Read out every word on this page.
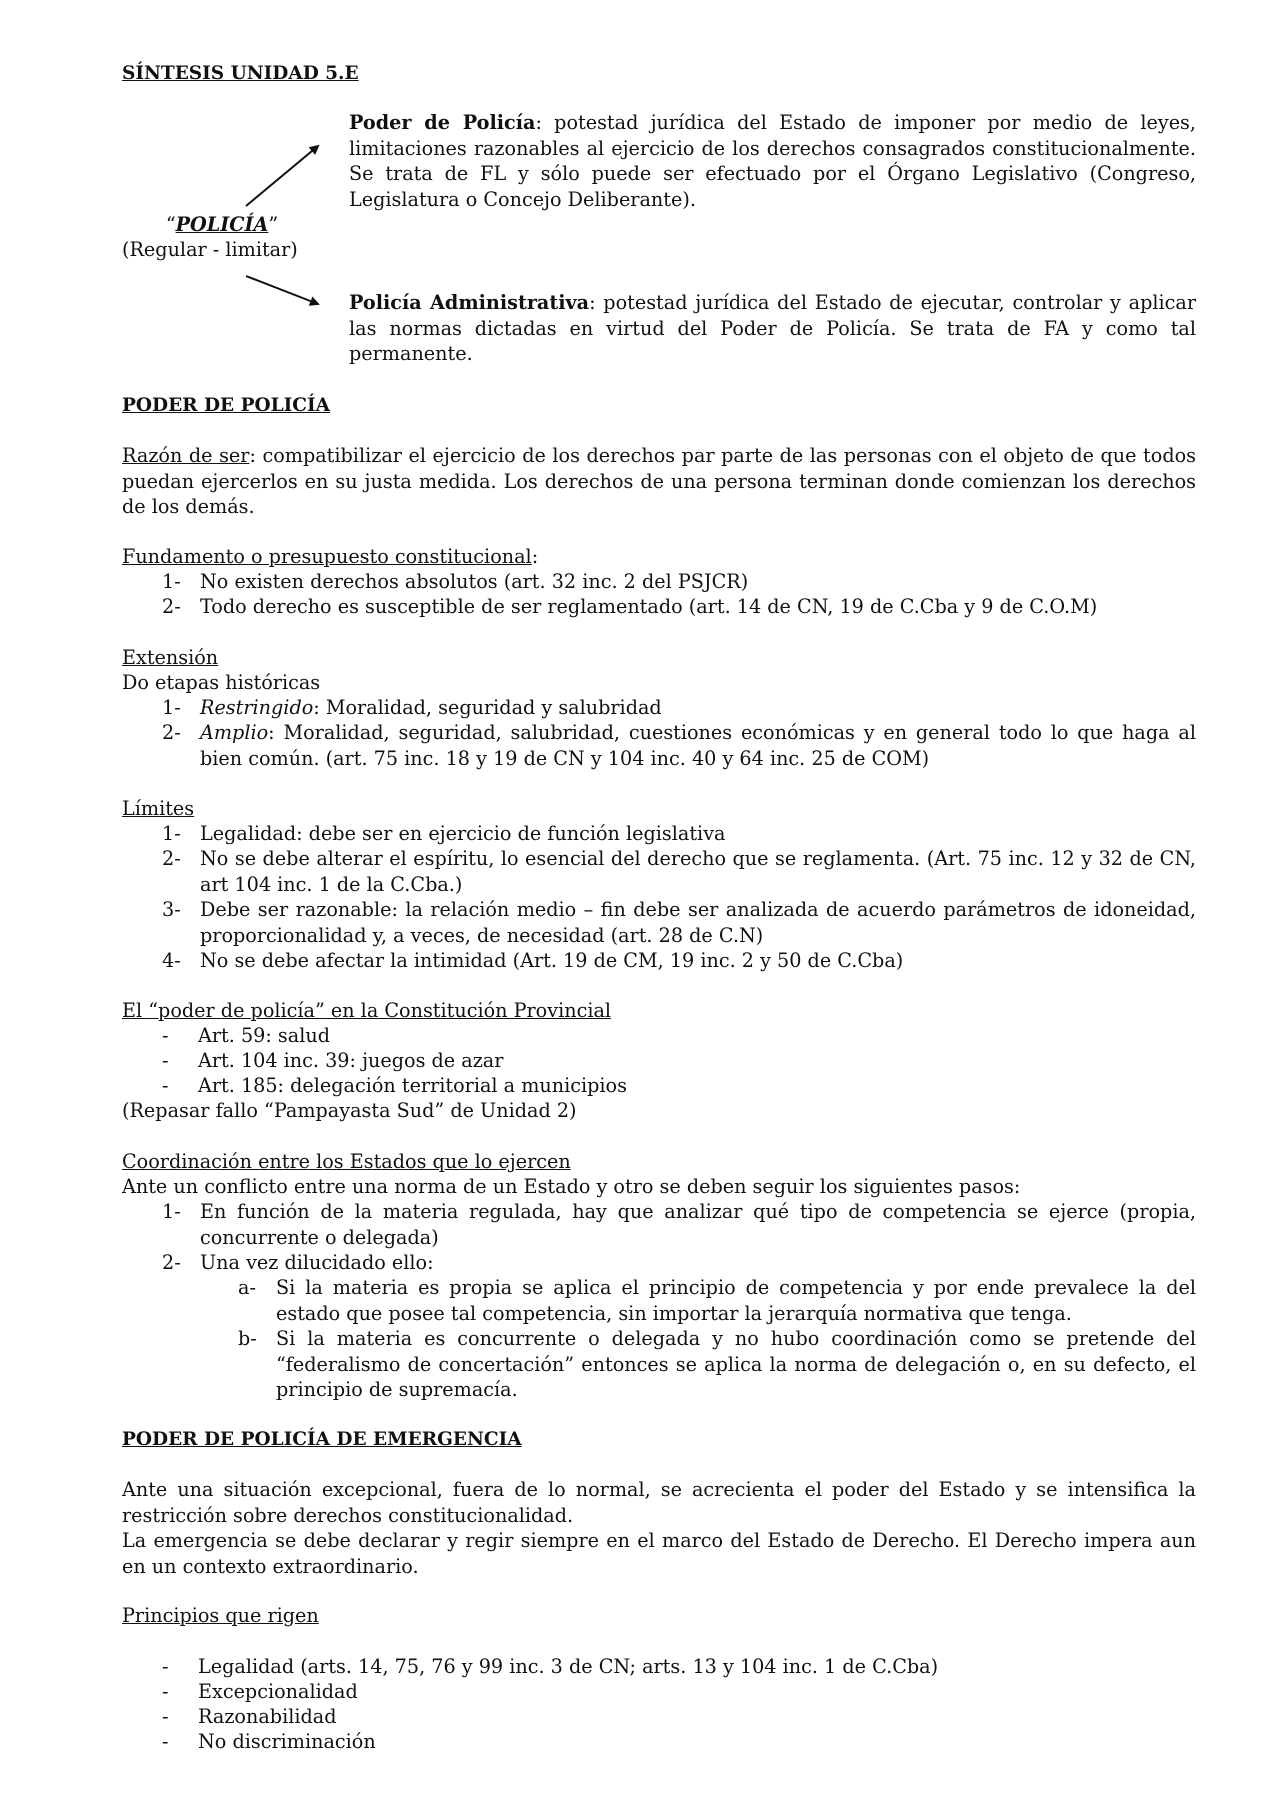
SÍNTESIS UNIDAD 5.E
“POLICÍA”
(Regular - limitar)
Poder de Policía: potestad jurídica del Estado de imponer por medio de leyes, limitaciones razonables al ejercicio de los derechos consagrados constitucionalmente. Se trata de FL y sólo puede ser efectuado por el Órgano Legislativo (Congreso, Legislatura o Concejo Deliberante).
Policía Administrativa: potestad jurídica del Estado de ejecutar, controlar y aplicar las normas dictadas en virtud del Poder de Policía. Se trata de FA y como tal permanente.
PODER DE POLICÍA
Razón de ser: compatibilizar el ejercicio de los derechos par parte de las personas con el objeto de que todos puedan ejercerlos en su justa medida. Los derechos de una persona terminan donde comienzan los derechos de los demás.
Fundamento o presupuesto constitucional:
1- No existen derechos absolutos (art. 32 inc. 2 del PSJCR)
2- Todo derecho es susceptible de ser reglamentado (art. 14 de CN, 19 de C.Cba y 9 de C.O.M)
Extensión
Do etapas históricas
1- Restringido: Moralidad, seguridad y salubridad
2- Amplio: Moralidad, seguridad, salubridad, cuestiones económicas y en general todo lo que haga al bien común. (art. 75 inc. 18 y 19 de CN y 104 inc. 40 y 64 inc. 25 de COM)
Límites
1- Legalidad: debe ser en ejercicio de función legislativa
2- No se debe alterar el espíritu, lo esencial del derecho que se reglamenta. (Art. 75 inc. 12 y 32 de CN, art 104 inc. 1 de la C.Cba.)
3- Debe ser razonable: la relación medio – fin debe ser analizada de acuerdo parámetros de idoneidad, proporcionalidad y, a veces, de necesidad (art. 28 de C.N)
4- No se debe afectar la intimidad (Art. 19 de CM, 19 inc. 2 y 50 de C.Cba)
El “poder de policía” en la Constitución Provincial
- Art. 59: salud
- Art. 104 inc. 39: juegos de azar
- Art. 185: delegación territorial a municipios
(Repasar fallo “Pampayasta Sud” de Unidad 2)
Coordinación entre los Estados que lo ejercen
Ante un conflicto entre una norma de un Estado y otro se deben seguir los siguientes pasos:
1- En función de la materia regulada, hay que analizar qué tipo de competencia se ejerce (propia, concurrente o delegada)
2- Una vez dilucidado ello:
a- Si la materia es propia se aplica el principio de competencia y por ende prevalece la del estado que posee tal competencia, sin importar la jerarquía normativa que tenga.
b- Si la materia es concurrente o delegada y no hubo coordinación como se pretende del “federalismo de concertación” entonces se aplica la norma de delegación o, en su defecto, el principio de supremacía.
PODER DE POLICÍA DE EMERGENCIA
Ante una situación excepcional, fuera de lo normal, se acrecienta el poder del Estado y se intensifica la restricción sobre derechos constitucionalidad.
La emergencia se debe declarar y regir siempre en el marco del Estado de Derecho. El Derecho impera aun en un contexto extraordinario.
Principios que rigen
- Legalidad (arts. 14, 75, 76 y 99 inc. 3 de CN; arts. 13 y 104 inc. 1 de C.Cba)
- Excepcionalidad
- Razonabilidad
- No discriminación
